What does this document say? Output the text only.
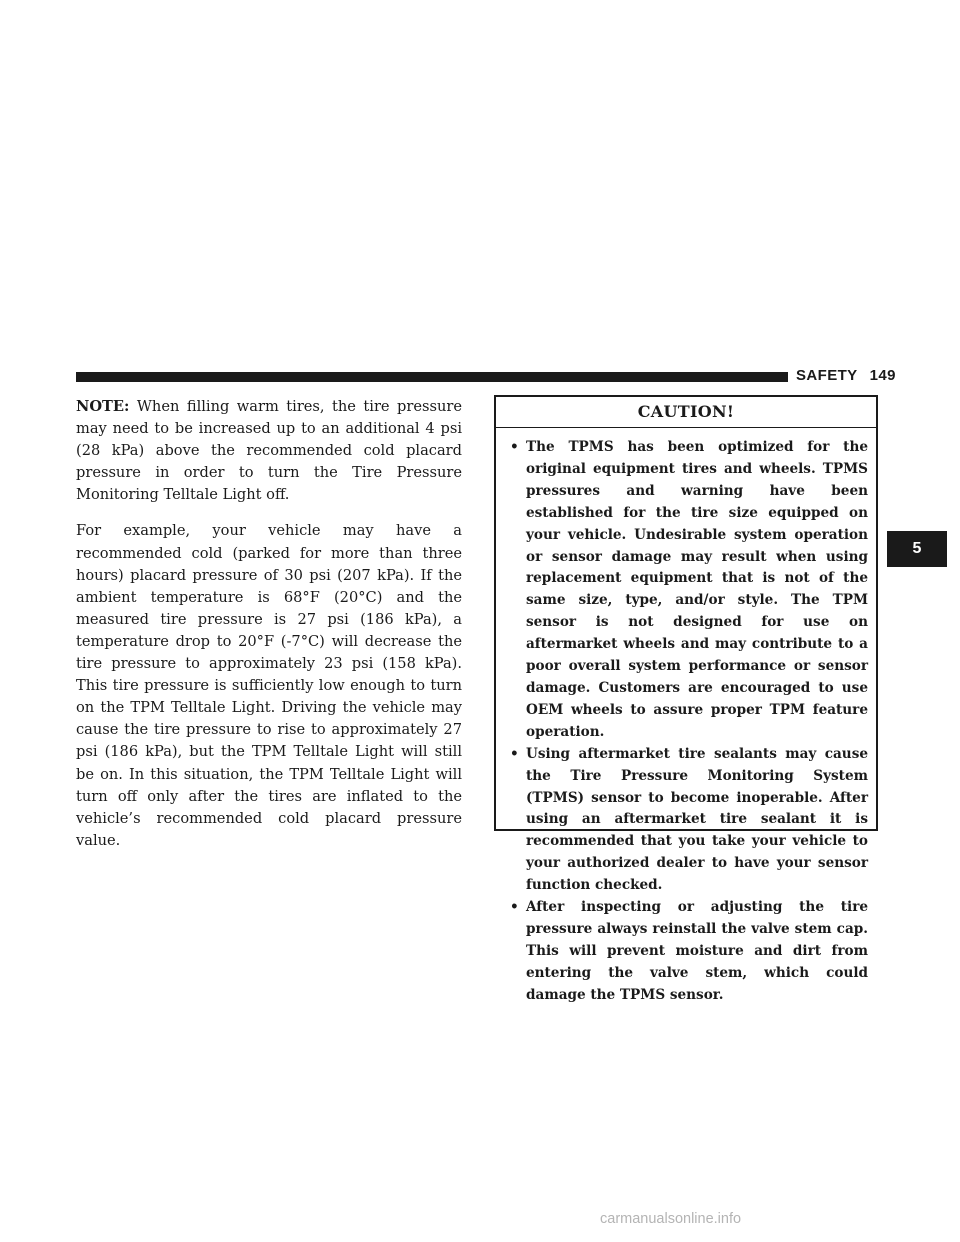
SAFETY 149
5

NOTE: When filling warm tires, the tire pressure may need to be increased up to an additional 4 psi (28 kPa) above the recommended cold placard pressure in order to turn the Tire Pressure Monitoring Telltale Light off.

For example, your vehicle may have a recommended cold (parked for more than three hours) placard pressure of 30 psi (207 kPa). If the ambient temperature is 68°F (20°C) and the measured tire pressure is 27 psi (186 kPa), a temperature drop to 20°F (-7°C) will decrease the tire pressure to approximately 23 psi (158 kPa). This tire pressure is sufficiently low enough to turn on the TPM Telltale Light. Driving the vehicle may cause the tire pressure to rise to approximately 27 psi (186 kPa), but the TPM Telltale Light will still be on. In this situation, the TPM Telltale Light will turn off only after the tires are inflated to the vehicle’s recommended cold placard pressure value.

CAUTION!
• The TPMS has been optimized for the original equipment tires and wheels. TPMS pressures and warning have been established for the tire size equipped on your vehicle. Undesirable system operation or sensor damage may result when using replacement equipment that is not of the same size, type, and/or style. The TPM sensor is not designed for use on aftermarket wheels and may contribute to a poor overall system performance or sensor damage. Customers are encouraged to use OEM wheels to assure proper TPM feature operation.
• Using aftermarket tire sealants may cause the Tire Pressure Monitoring System (TPMS) sensor to become inoperable. After using an aftermarket tire sealant it is recommended that you take your vehicle to your authorized dealer to have your sensor function checked.
• After inspecting or adjusting the tire pressure always reinstall the valve stem cap. This will prevent moisture and dirt from entering the valve stem, which could damage the TPMS sensor.
carmanualsonline.info
